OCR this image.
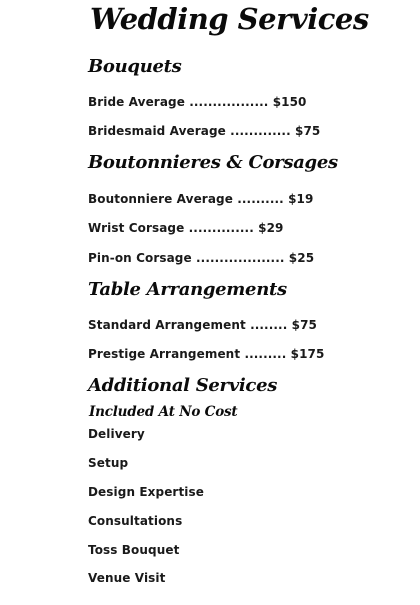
Wedding Services
Bouquets
Bride Average ................. $150
Bridesmaid Average ............. $75
Boutonnieres & Corsages
Boutonniere Average .......... $19
Wrist Corsage .............. $29
Pin-on Corsage ................... $25
Table Arrangements
Standard Arrangement ........ $75
Prestige Arrangement ......... $175
Additional Services
Included At No Cost
Delivery
Setup
Design Expertise
Consultations
Toss Bouquet
Venue Visit
